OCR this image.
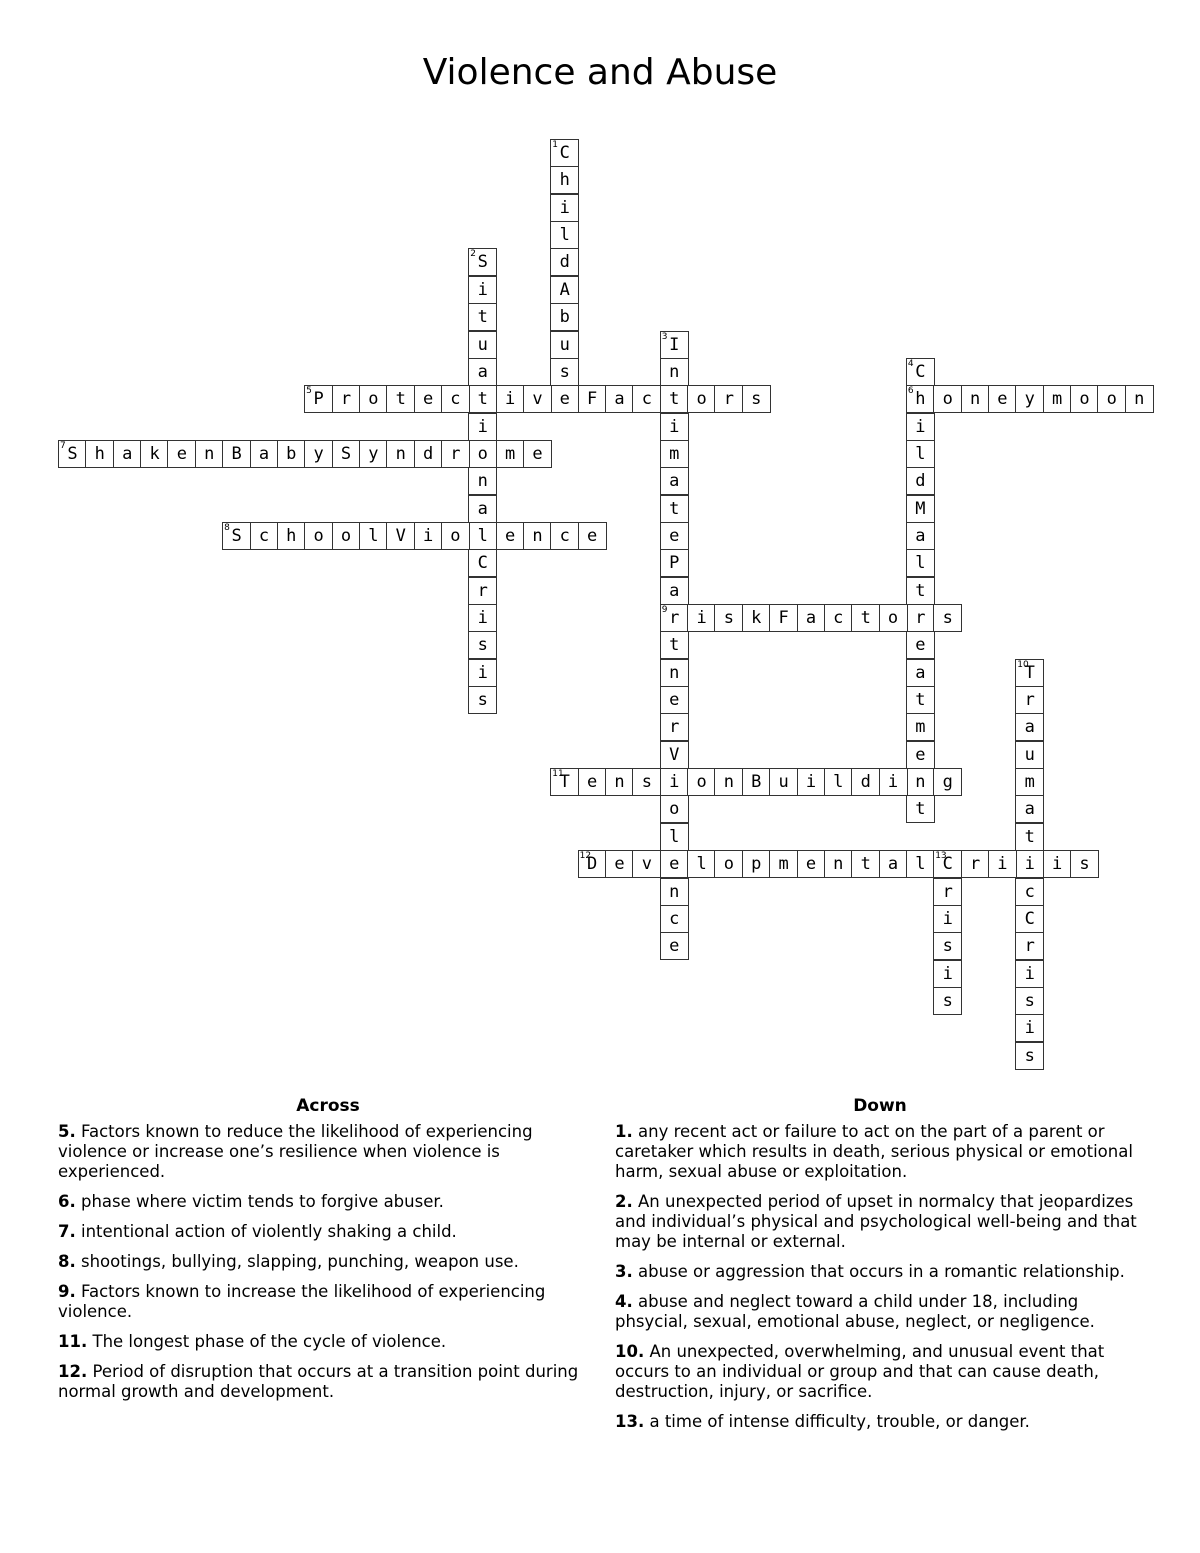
Violence and Abuse
C
1
h
i
l
d
A
b
u
s
e
S
2
i
t
u
a
t
i
o
n
a
l
C
r
i
s
i
s
I
3
n
t
i
m
a
t
e
P
a
r
9
t
n
e
r
V
i
o
l
e
n
c
e
C
4
h
6
i
l
d
M
a
l
t
r
e
a
t
m
e
n
t
P
5	r	o	t	e	c	i	v	F	a	c	o	r	s	o	n	e	y	m	o	o	n
S
7	h	a	k	e	n	B	a	b	y	S	y	n	d	r	m	e
S
8	c	h	o	o	l	V	i	o	e	n	c	e
i	s	k	F	a	c	t	o	s
T
10
r
a
u
m
a
t
i
c
C
r
i
s
i
s
T
11	e	n	s	o	n	B	u	i	l	d	i	g
D
12	e	v	l	o	p	m	e	n	t	a	l	C
13	r	i	i	s
r
i
s
i
s
Across
5. Factors known to reduce the likelihood of experiencing violence or increase one’s resilience when violence is experienced.
6. phase where victim tends to forgive abuser.
7. intentional action of violently shaking a child.
8. shootings, bullying, slapping, punching, weapon use.
9. Factors known to increase the likelihood of experiencing violence.
11. The longest phase of the cycle of violence.
12. Period of disruption that occurs at a transition point during normal growth and development.
Down
1. any recent act or failure to act on the part of a parent or caretaker which results in death, serious physical or emotional harm, sexual abuse or exploitation.
2. An unexpected period of upset in normalcy that jeopardizes and individual’s physical and psychological well-being and that may be internal or external.
3. abuse or aggression that occurs in a romantic relationship.
4. abuse and neglect toward a child under 18, including phsycial, sexual, emotional abuse, neglect, or negligence.
10. An unexpected, overwhelming, and unusual event that occurs to an individual or group and that can cause death, destruction, injury, or sacrifice.
13. a time of intense difficulty, trouble, or danger.
